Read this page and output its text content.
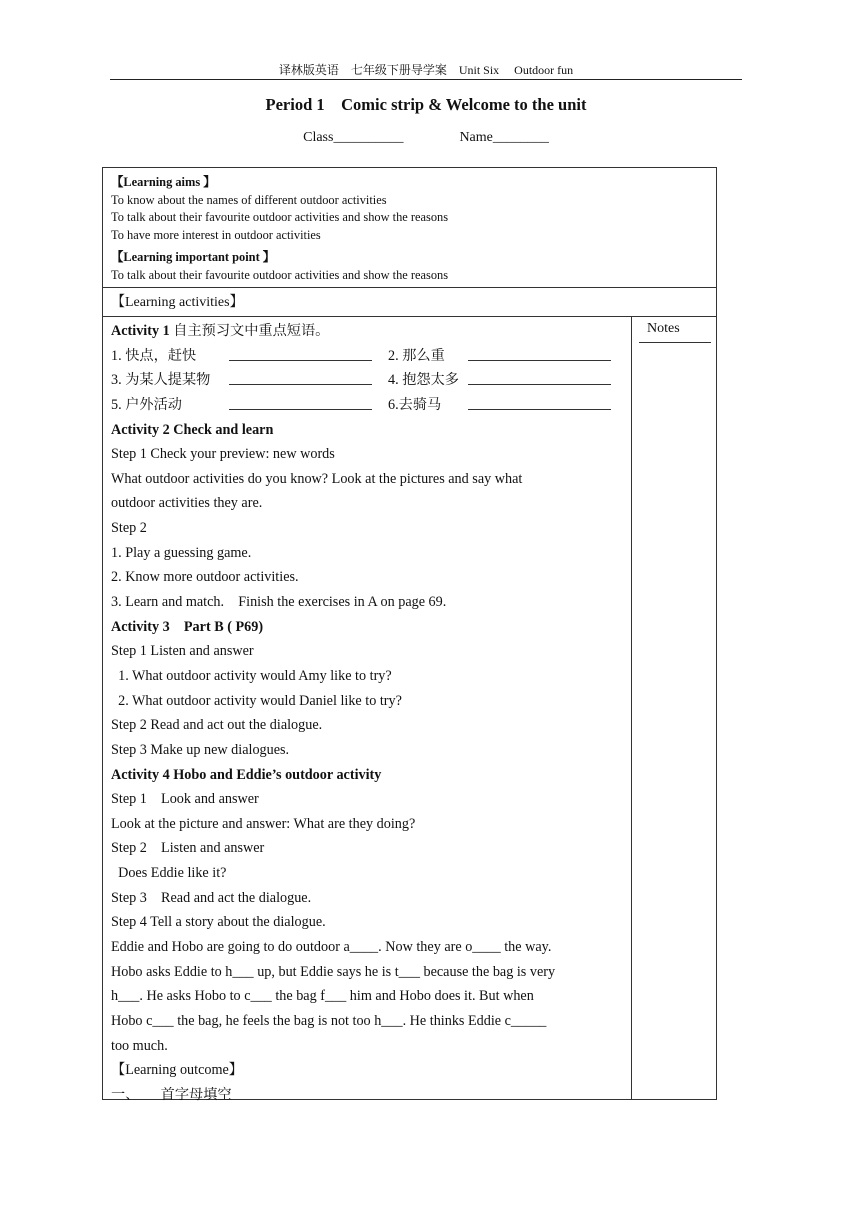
译林版英语　七年级下册导学案　Unit Six　 Outdoor fun
Period 1　Comic strip & Welcome to the unit
Class__________ 　 　 　 Name________
【Learning aims 】
To know about the names of different outdoor activities
To talk about their favourite outdoor activities and show the reasons
To have more interest in outdoor activities
【Learning important point 】
To talk about their favourite outdoor activities and show the reasons
【Learning activities】
Notes
Activity 1 自主预习文中重点短语。
1. 快点，赶快	2. 那么重
3. 为某人提某物	4. 抱怨太多
5. 户外活动	6.去骑马
Activity 2 Check and learn
Step 1 Check your preview: new words
What outdoor activities do you know? Look at the pictures and say what
outdoor activities they are.
Step 2
1. Play a guessing game.
2. Know more outdoor activities.
3. Learn and match.　Finish the exercises in A on page 69.
Activity 3　Part B ( P69)
Step 1 Listen and answer
1. What outdoor activity would Amy like to try?
2. What outdoor activity would Daniel like to try?
Step 2 Read and act out the dialogue.
Step 3 Make up new dialogues.
Activity 4 Hobo and Eddie’s outdoor activity
Step 1　Look and answer
Look at the picture and answer: What are they doing?
Step 2　Listen and answer
Does Eddie like it?
Step 3　Read and act the dialogue.
Step 4 Tell a story about the dialogue.
Eddie and Hobo are going to do outdoor a____. Now they are o____ the way.
Hobo asks Eddie to h___ up, but Eddie says he is t___ because the bag is very
h___. He asks Hobo to c___ the bag f___ him and Hobo does it. But when
Hobo c___ the bag, he feels the bag is not too h___. He thinks Eddie c_____
too much.
【Learning outcome】
一、　　首字母填空
